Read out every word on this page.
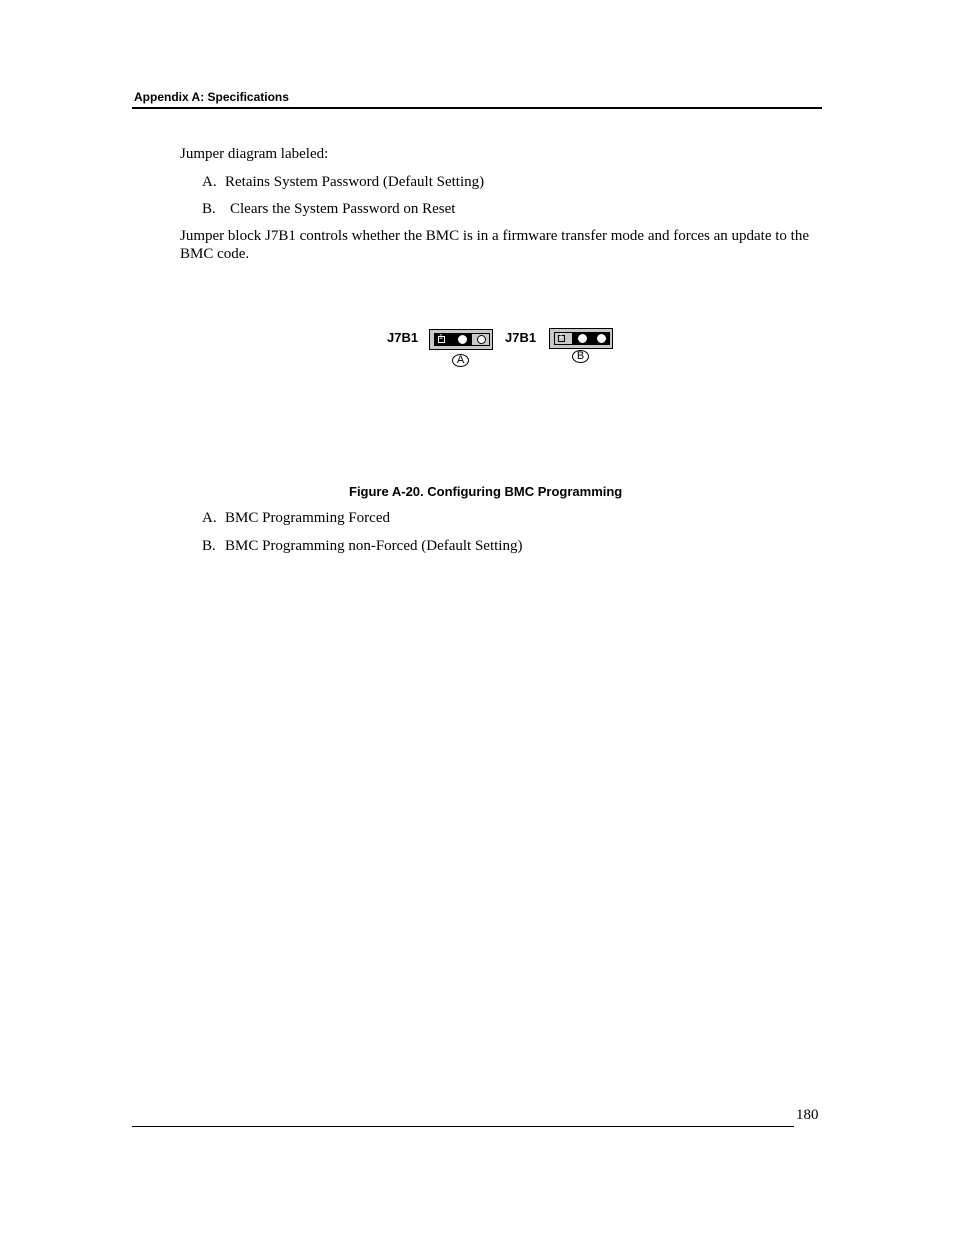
Appendix A: Specifications
Jumper diagram labeled:
A. Retains System Password (Default Setting)
B. Clears the System Password on Reset
Jumper block J7B1 controls whether the BMC is in a firmware transfer mode and forces an update to the BMC code.
J7B1
1
A
J7B1
1
B
Figure A-20. Configuring BMC Programming
A. BMC Programming Forced
B. BMC Programming non-Forced (Default Setting)
180
